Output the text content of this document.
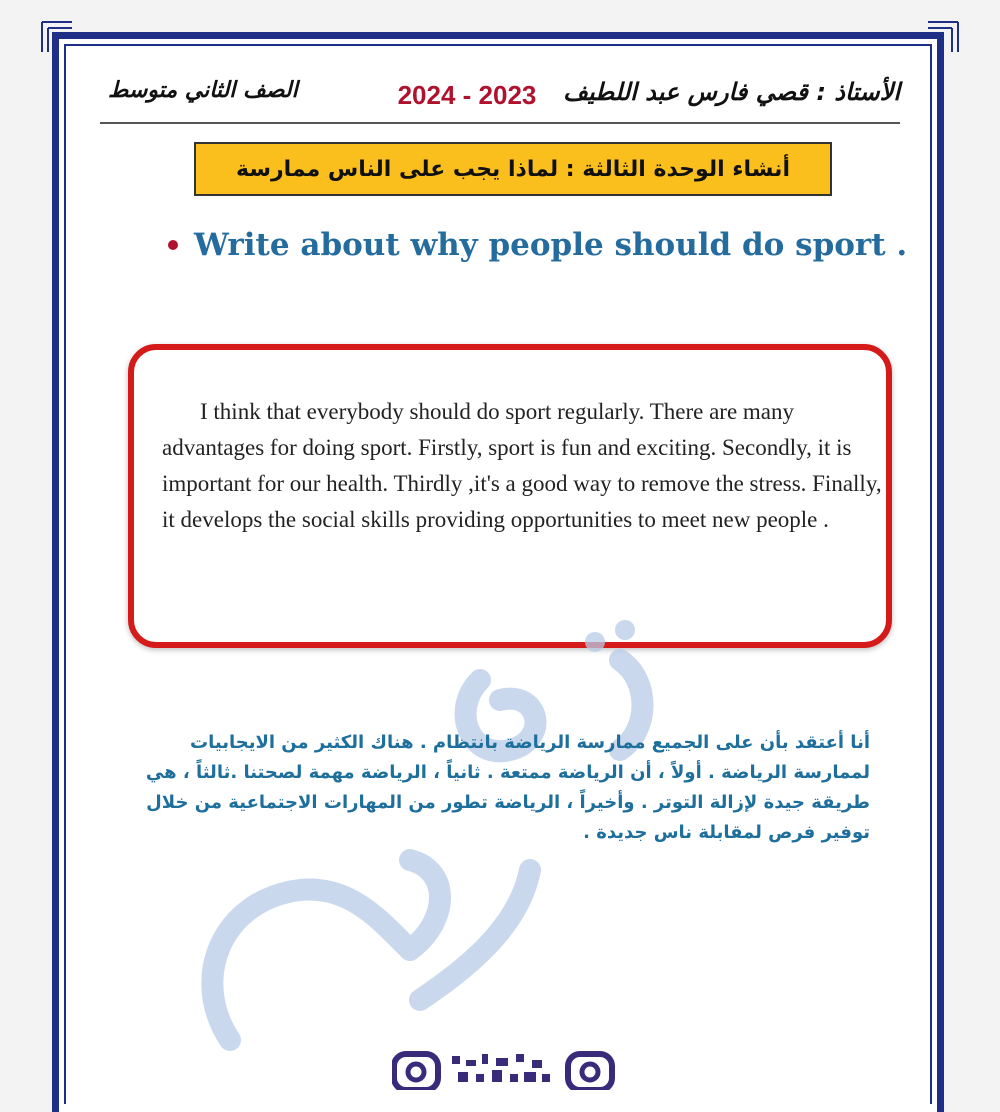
الصف الثاني متوسط	2024 - 2023	الأستاذ : قصي فارس عبد اللطيف
أنشاء الوحدة الثالثة : لماذا يجب على الناس ممارسة
Write about why people should do sport .
I think that everybody should do sport regularly. There are many advantages for doing sport. Firstly, sport is fun and exciting. Secondly, it is important for our health. Thirdly ,it's a good way to remove the stress. Finally, it develops the social skills providing opportunities to meet new people .
أنا أعتقد بأن على الجميع ممارسة الرياضة بانتظام . هناك الكثير من الايجابيات لممارسة الرياضة . أولاً ، أن الرياضة ممتعة . ثانياً ، الرياضة مهمة لصحتنا .ثالثاً ، هي طريقة جيدة لإزالة التوتر . وأخيراً ، الرياضة تطور من المهارات الاجتماعية من خلال توفير فرص لمقابلة ناس جديدة .
